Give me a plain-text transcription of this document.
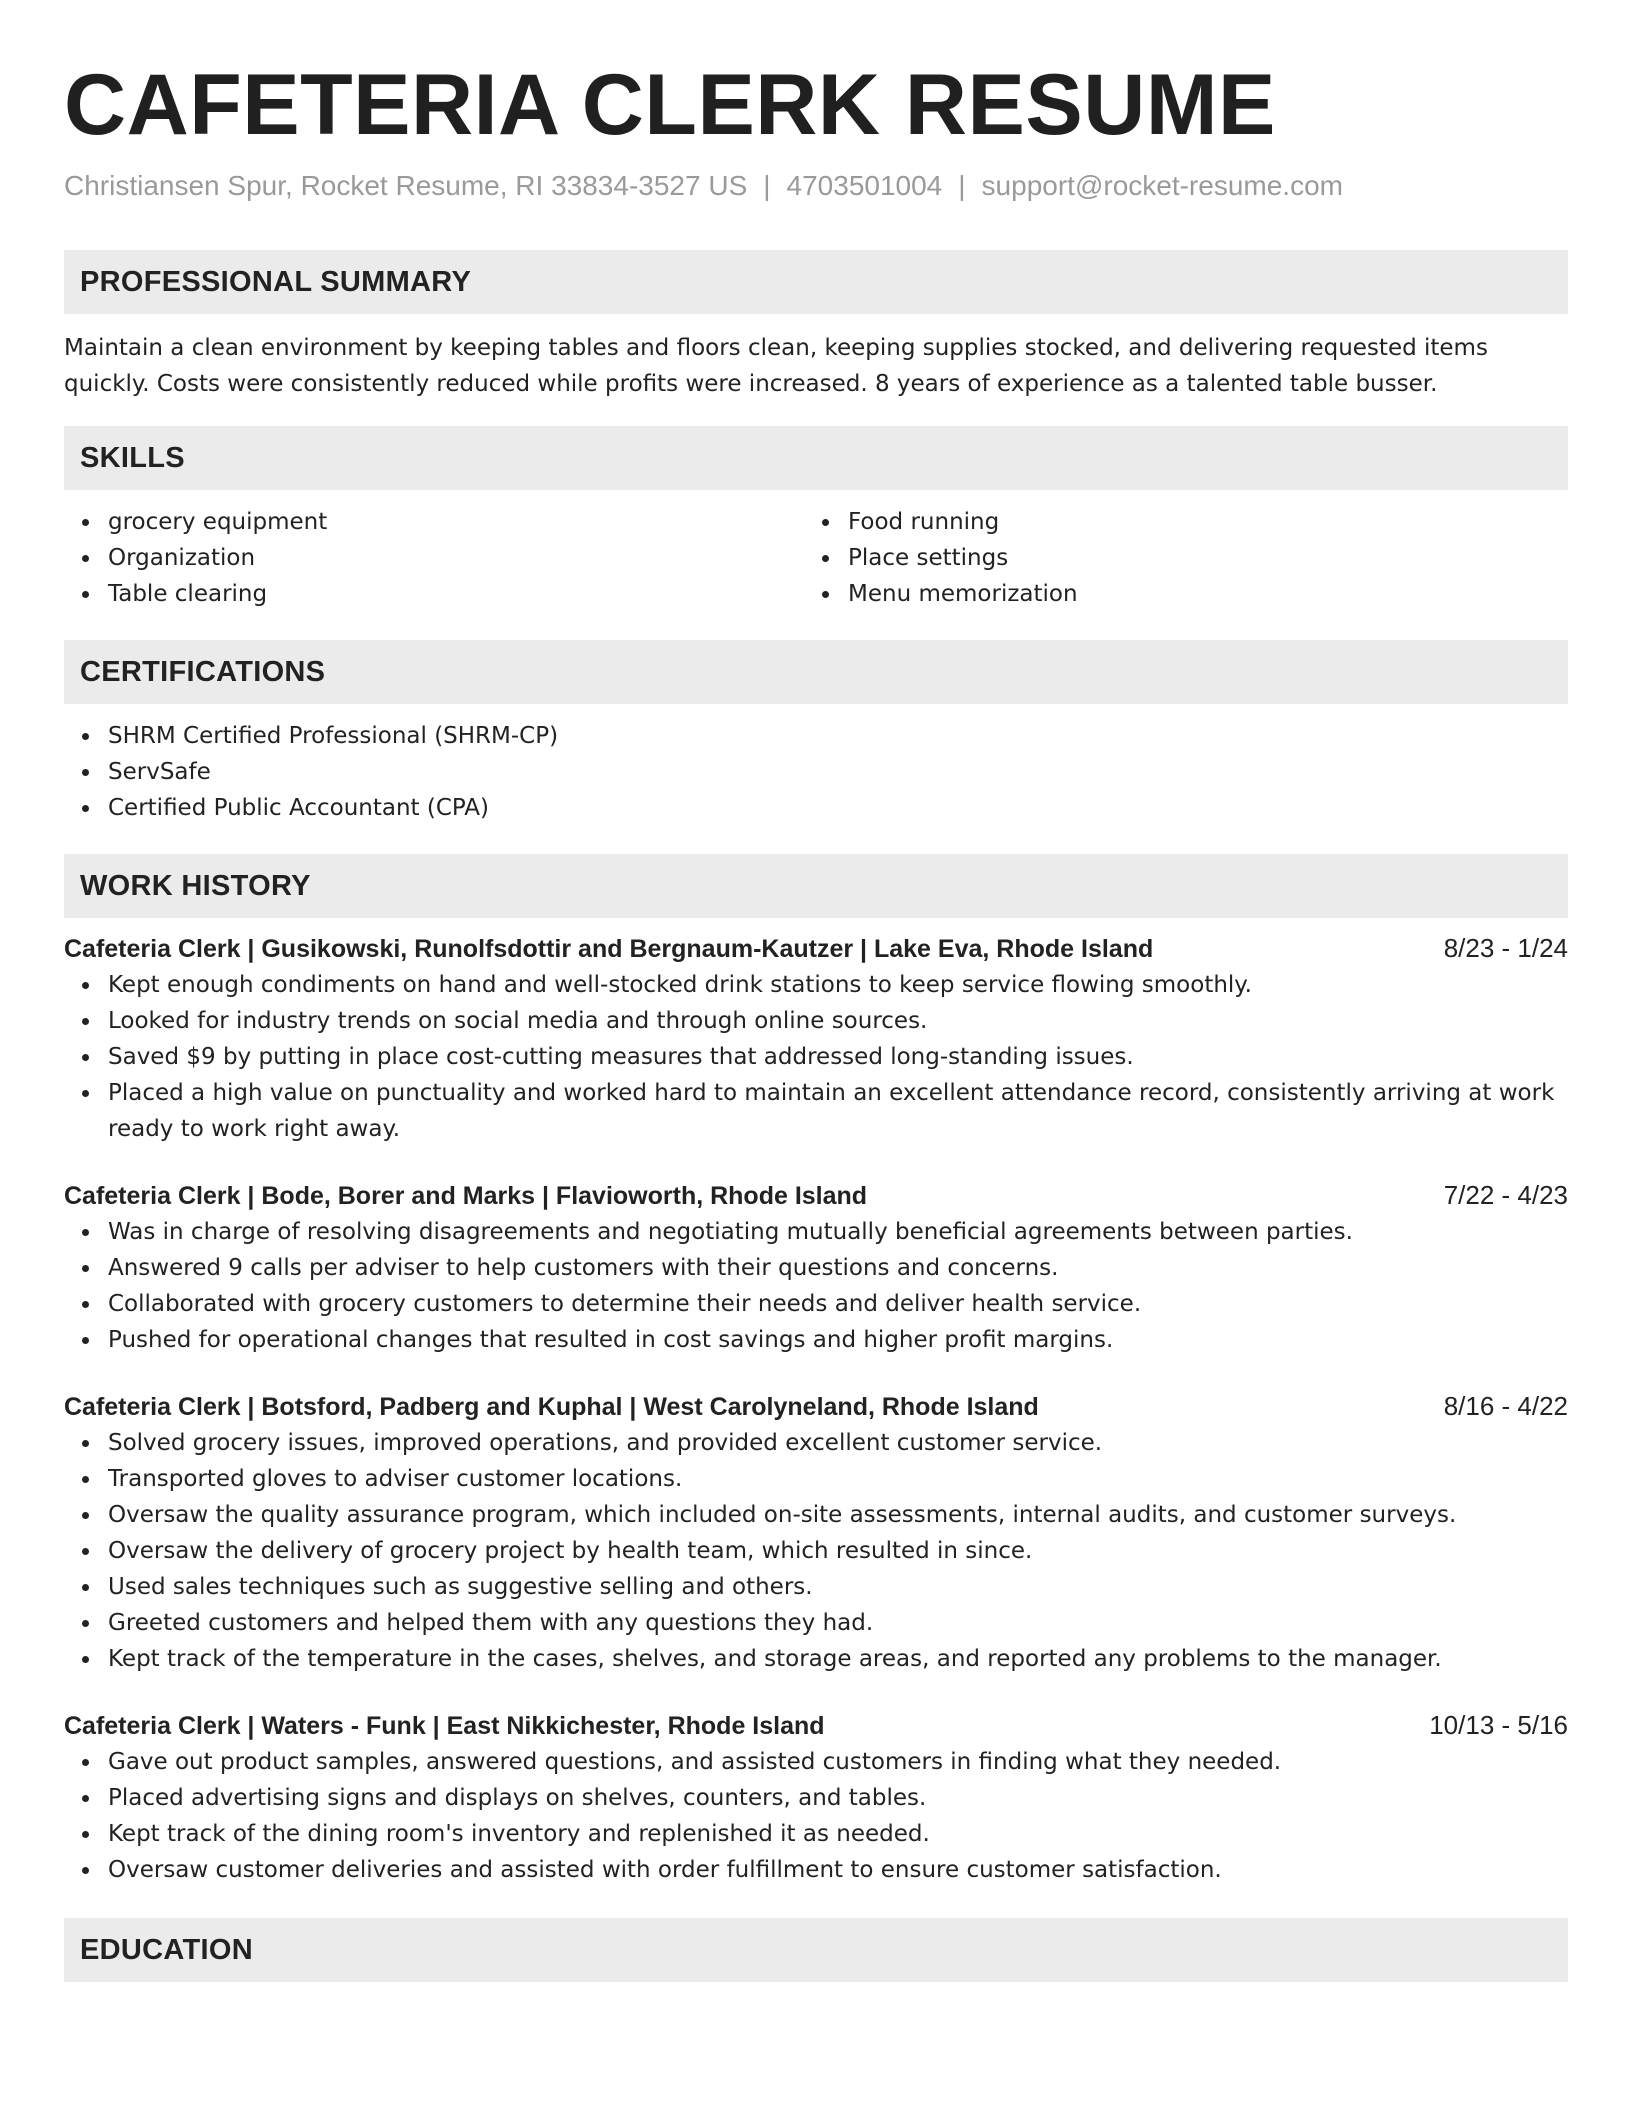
CAFETERIA CLERK RESUME
Christiansen Spur, Rocket Resume, RI 33834-3527 US | 4703501004 | support@rocket-resume.com
PROFESSIONAL SUMMARY

Maintain a clean environment by keeping tables and floors clean, keeping supplies stocked, and delivering requested items quickly. Costs were consistently reduced while profits were increased. 8 years of experience as a talented table busser.

SKILLS
grocery equipment
Organization
Table clearing
Food running
Place settings
Menu memorization
CERTIFICATIONS
SHRM Certified Professional (SHRM-CP)
ServSafe
Certified Public Accountant (CPA)
WORK HISTORY
Cafeteria Clerk | Gusikowski, Runolfsdottir and Bergnaum-Kautzer | Lake Eva, Rhode Island	8/23 - 1/24
Kept enough condiments on hand and well-stocked drink stations to keep service flowing smoothly.
Looked for industry trends on social media and through online sources.
Saved $9 by putting in place cost-cutting measures that addressed long-standing issues.
Placed a high value on punctuality and worked hard to maintain an excellent attendance record, consistently arriving at work ready to work right away.
Cafeteria Clerk | Bode, Borer and Marks | Flavioworth, Rhode Island	7/22 - 4/23
Was in charge of resolving disagreements and negotiating mutually beneficial agreements between parties.
Answered 9 calls per adviser to help customers with their questions and concerns.
Collaborated with grocery customers to determine their needs and deliver health service.
Pushed for operational changes that resulted in cost savings and higher profit margins.
Cafeteria Clerk | Botsford, Padberg and Kuphal | West Carolyneland, Rhode Island	8/16 - 4/22
Solved grocery issues, improved operations, and provided excellent customer service.
Transported gloves to adviser customer locations.
Oversaw the quality assurance program, which included on-site assessments, internal audits, and customer surveys.
Oversaw the delivery of grocery project by health team, which resulted in since.
Used sales techniques such as suggestive selling and others.
Greeted customers and helped them with any questions they had.
Kept track of the temperature in the cases, shelves, and storage areas, and reported any problems to the manager.
Cafeteria Clerk | Waters - Funk | East Nikkichester, Rhode Island	10/13 - 5/16
Gave out product samples, answered questions, and assisted customers in finding what they needed.
Placed advertising signs and displays on shelves, counters, and tables.
Kept track of the dining room's inventory and replenished it as needed.
Oversaw customer deliveries and assisted with order fulfillment to ensure customer satisfaction.
EDUCATION
